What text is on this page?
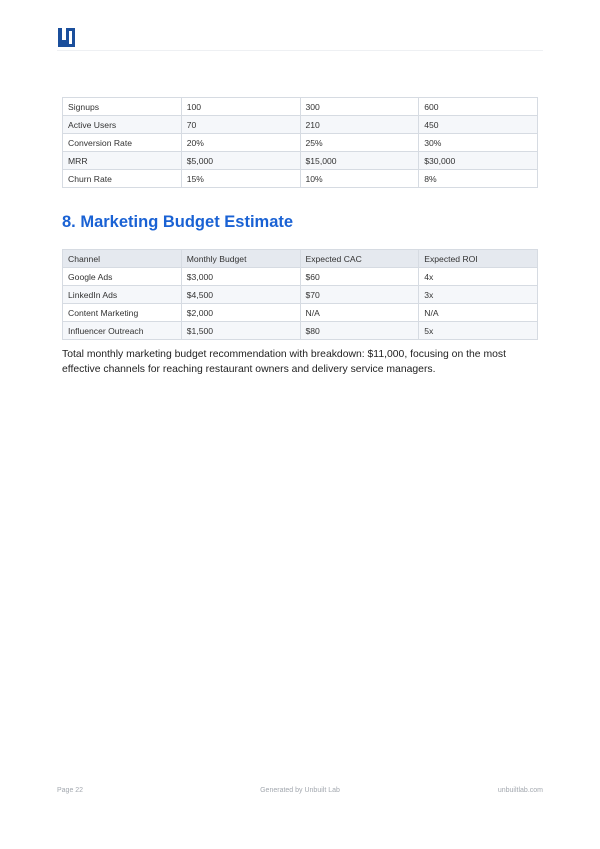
Signups	100	300	600
Active Users	70	210	450
Conversion Rate	20%	25%	30%
MRR	$5,000	$15,000	$30,000
Churn Rate	15%	10%	8%
8. Marketing Budget Estimate
Channel	Monthly Budget	Expected CAC	Expected ROI
Google Ads	$3,000	$60	4x
LinkedIn Ads	$4,500	$70	3x
Content Marketing	$2,000	N/A	N/A
Influencer Outreach	$1,500	$80	5x

Total monthly marketing budget recommendation with breakdown: $11,000, focusing on the most effective channels for reaching restaurant owners and delivery service managers.

Page 22	Generated by Unbuilt Lab	unbuiltlab.com
